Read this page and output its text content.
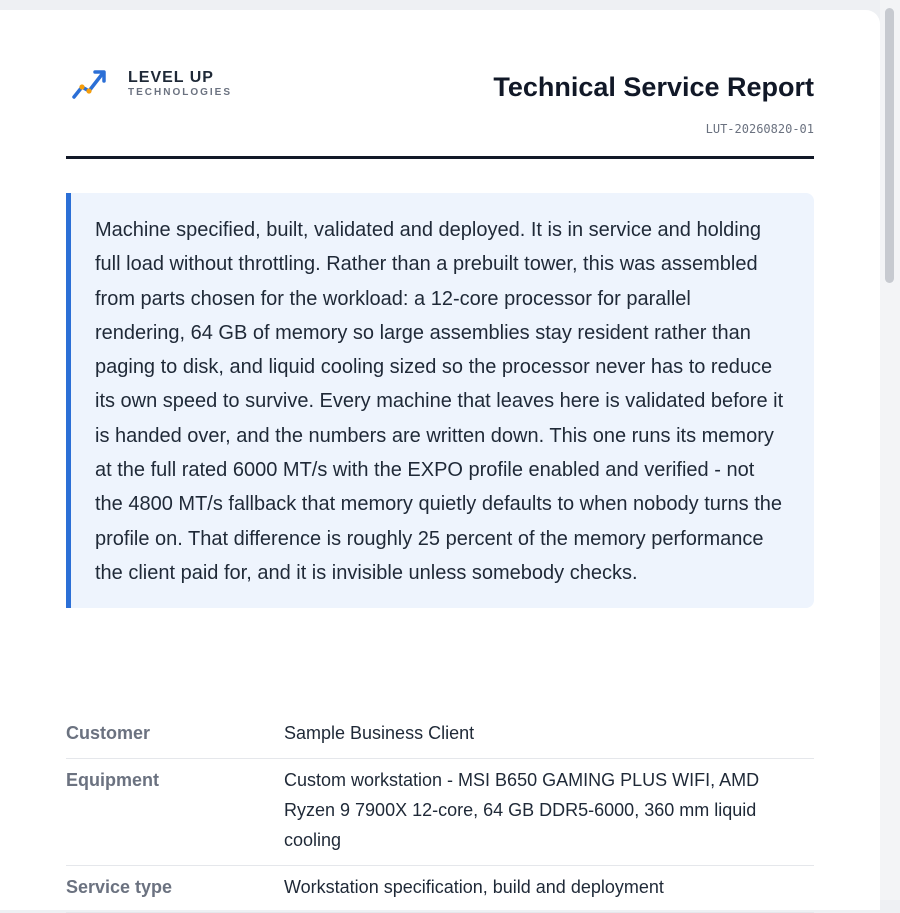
LEVEL UP
TECHNOLOGIES	Technical Service Report
LUT-20260820-01
Machine specified, built, validated and deployed. It is in service and holding full load without throttling. Rather than a prebuilt tower, this was assembled from parts chosen for the workload: a 12-core processor for parallel rendering, 64 GB of memory so large assemblies stay resident rather than paging to disk, and liquid cooling sized so the processor never has to reduce its own speed to survive. Every machine that leaves here is validated before it is handed over, and the numbers are written down. This one runs its memory at the full rated 6000 MT/s with the EXPO profile enabled and verified - not the 4800 MT/s fallback that memory quietly defaults to when nobody turns the profile on. That difference is roughly 25 percent of the memory performance the client paid for, and it is invisible unless somebody checks.
Customer	Sample Business Client
Equipment	Custom workstation - MSI B650 GAMING PLUS WIFI, AMD Ryzen 9 7900X 12-core, 64 GB DDR5-6000, 360 mm liquid cooling
Service type	Workstation specification, build and deployment
